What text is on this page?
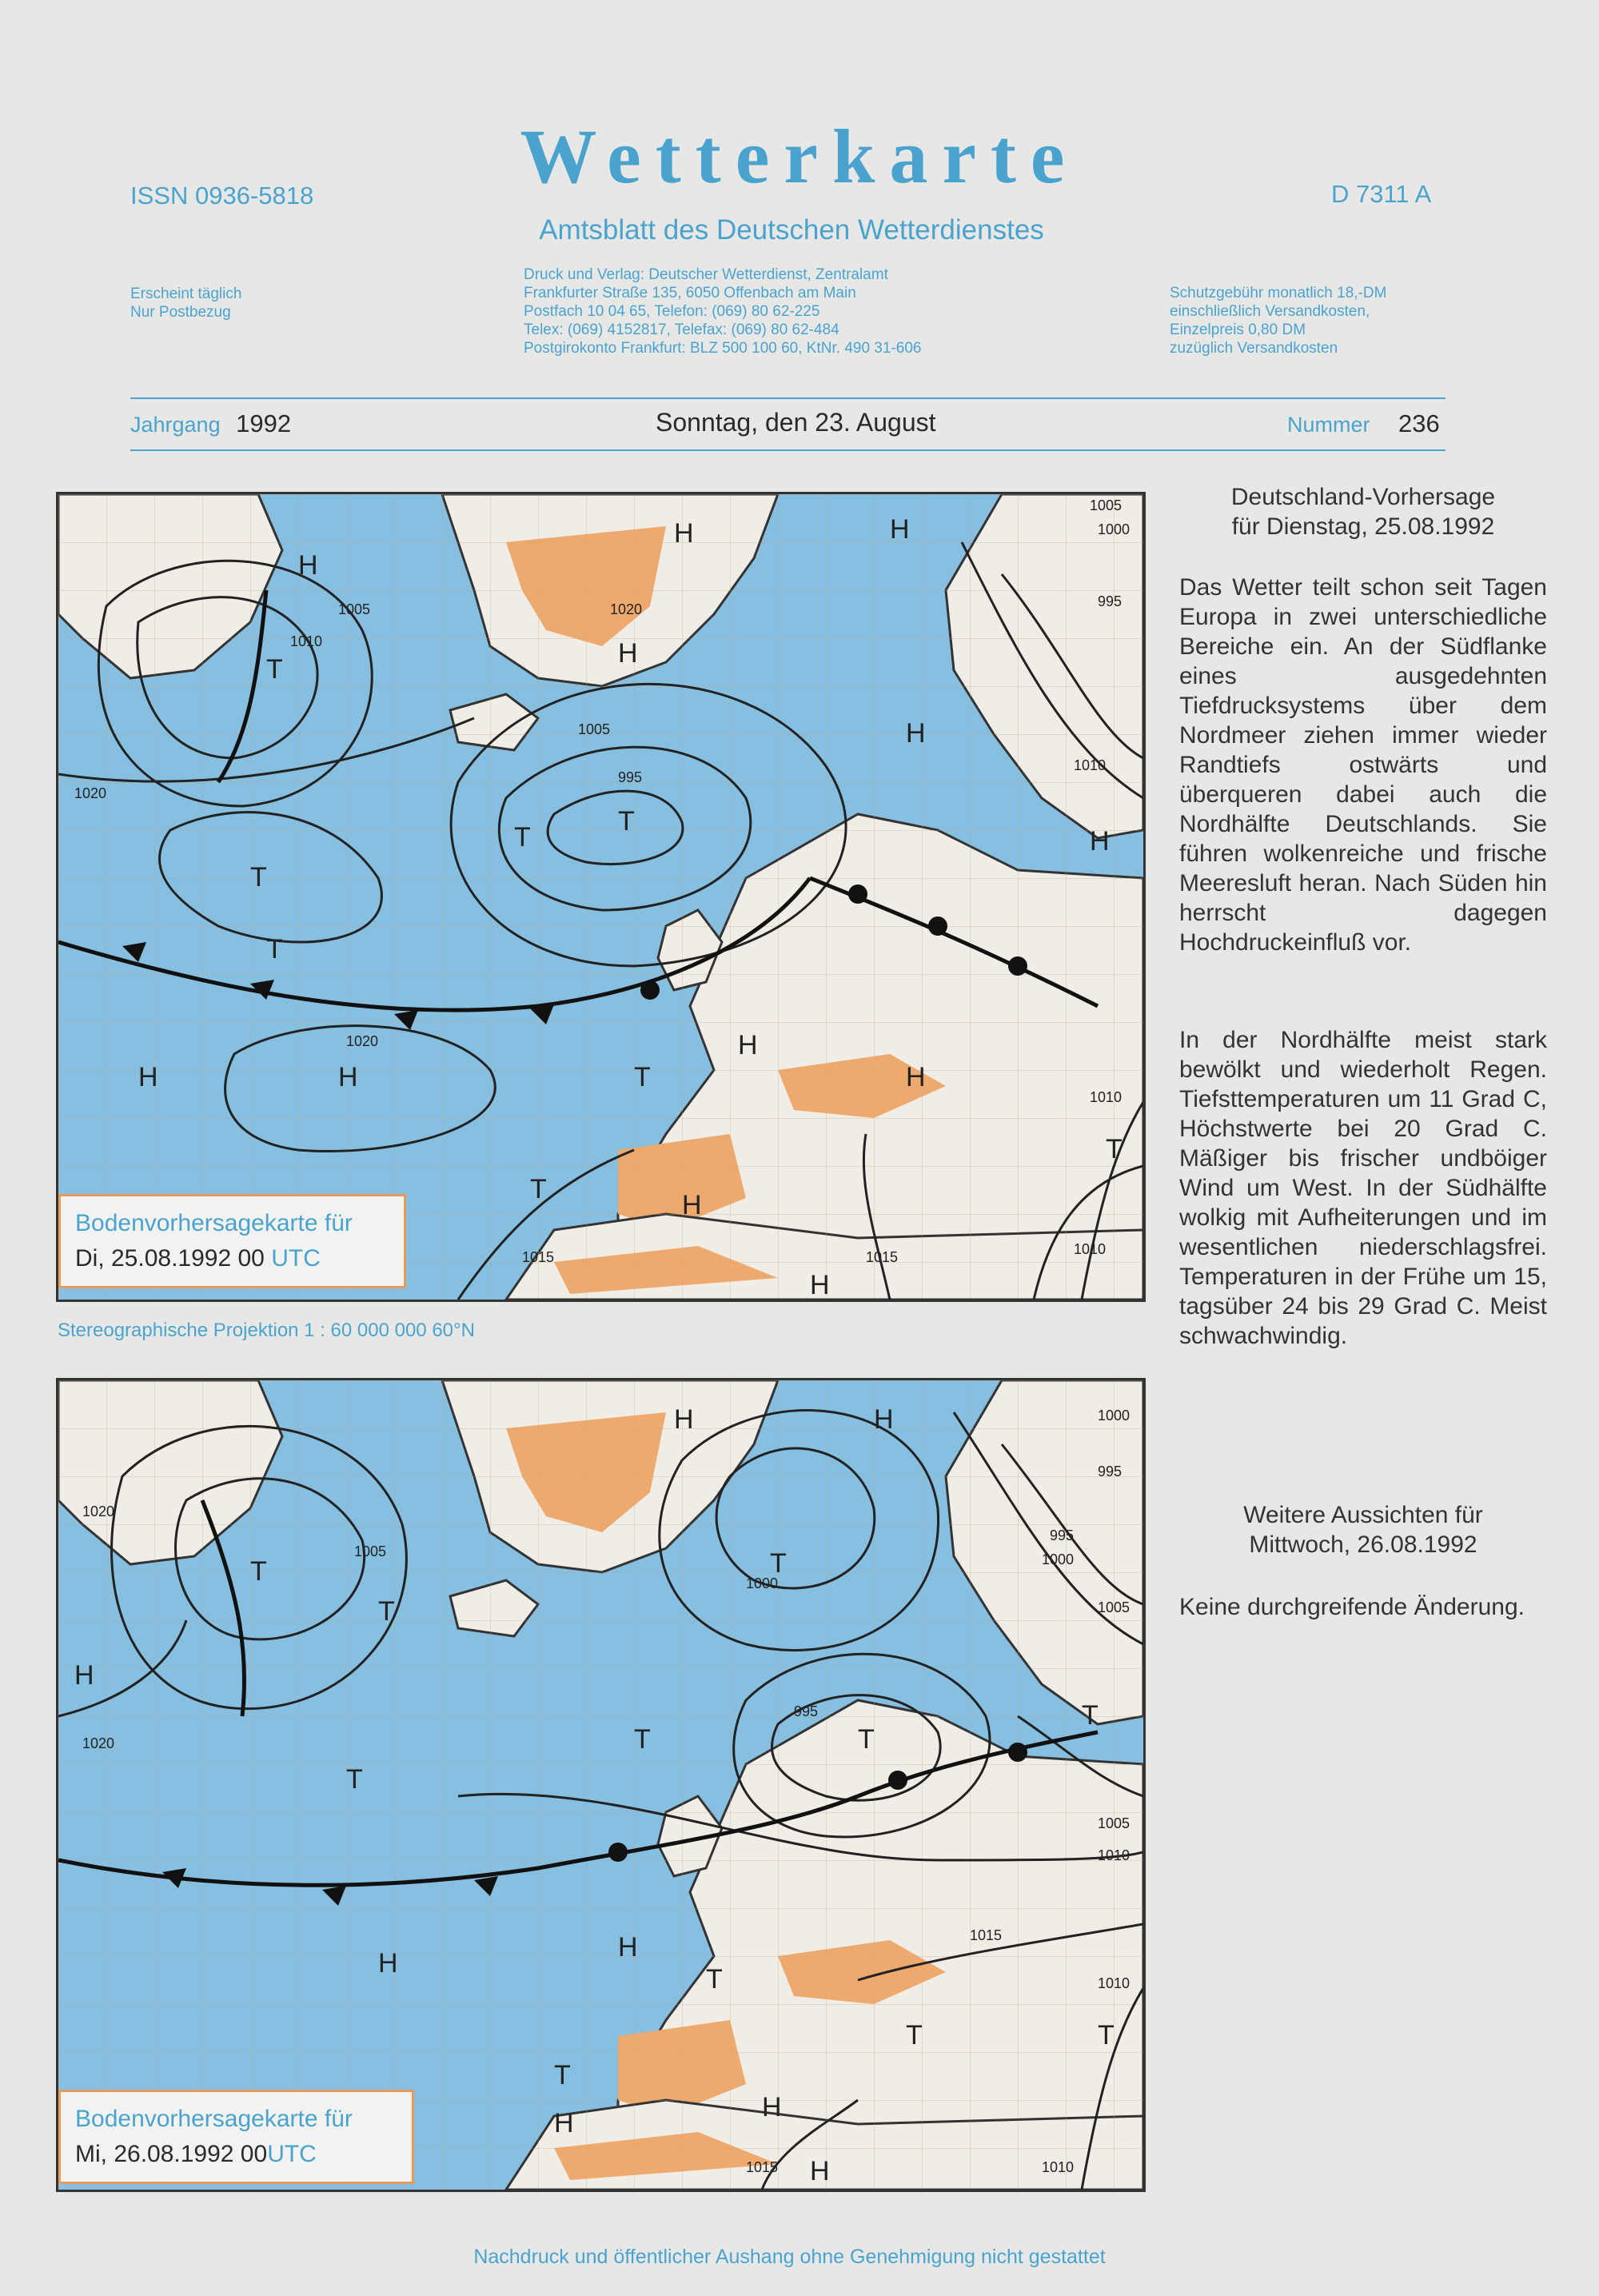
Wetterkarte
Amtsblatt des Deutschen Wetterdienstes
ISSN 0936-5818	D 7311 A
Erscheint täglich
Nur Postbezug
Druck und Verlag: Deutscher Wetterdienst, Zentralamt
Frankfurter Straße 135, 6050 Offenbach am Main
Postfach 10 04 65, Telefon: (069) 80 62-225
Telex: (069) 4152817, Telefax: (069) 80 62-484
Postgirokonto Frankfurt: BLZ 500 100 60, KtNr. 490 31-606
Schutzgebühr monatlich 18,-DM
einschließlich Versandkosten,
Einzelpreis 0,80 DM
zuzüglich Versandkosten
Jahrgang 1992	Sonntag, den 23. August	Nummer 236
H
H
H
T
H
H
T
T
T
H
H	H
T
T
H
H
T
H
T
H
1005
1010
1020
1020
1005
995
1000
1005
1010
1020
1015	1015	1010
1010
995
Bodenvorhersagekarte für
Di, 25.08.1992 00 UTC
Stereographische Projektion 1 : 60 000 000 60°N
H	H
T
T
H
T
T
T
T
H
H
T
T
T
H
H
T
T
H
1020
1005
1020
1000
995
1000
995
1000
1005
1005
1010
1015
1010
995
1015	1010
Bodenvorhersagekarte für
Mi, 26.08.1992 00UTC
Deutschland-Vorhersage
für Dienstag, 25.08.1992
Das Wetter teilt schon seit Tagen Europa in zwei unterschiedliche Bereiche ein. An der Südflanke eines ausgedehnten Tiefdrucksystems über dem Nordmeer ziehen immer wieder Randtiefs ostwärts und überqueren dabei auch die Nordhälfte Deutschlands. Sie führen wolkenreiche und frische Meeresluft heran. Nach Süden hin herrscht dagegen Hochdruckeinfluß vor.
In der Nordhälfte meist stark bewölkt und wiederholt Regen. Tiefsttemperaturen um 11 Grad C, Höchstwerte bei 20 Grad C. Mäßiger bis frischer undböiger Wind um West. In der Südhälfte wolkig mit Aufheiterungen und im wesentlichen niederschlagsfrei. Temperaturen in der Frühe um 15, tagsüber 24 bis 29 Grad C. Meist schwachwindig.
Weitere Aussichten für
Mittwoch, 26.08.1992
Keine durchgreifende Änderung.
Nachdruck und öffentlicher Aushang ohne Genehmigung nicht gestattet
